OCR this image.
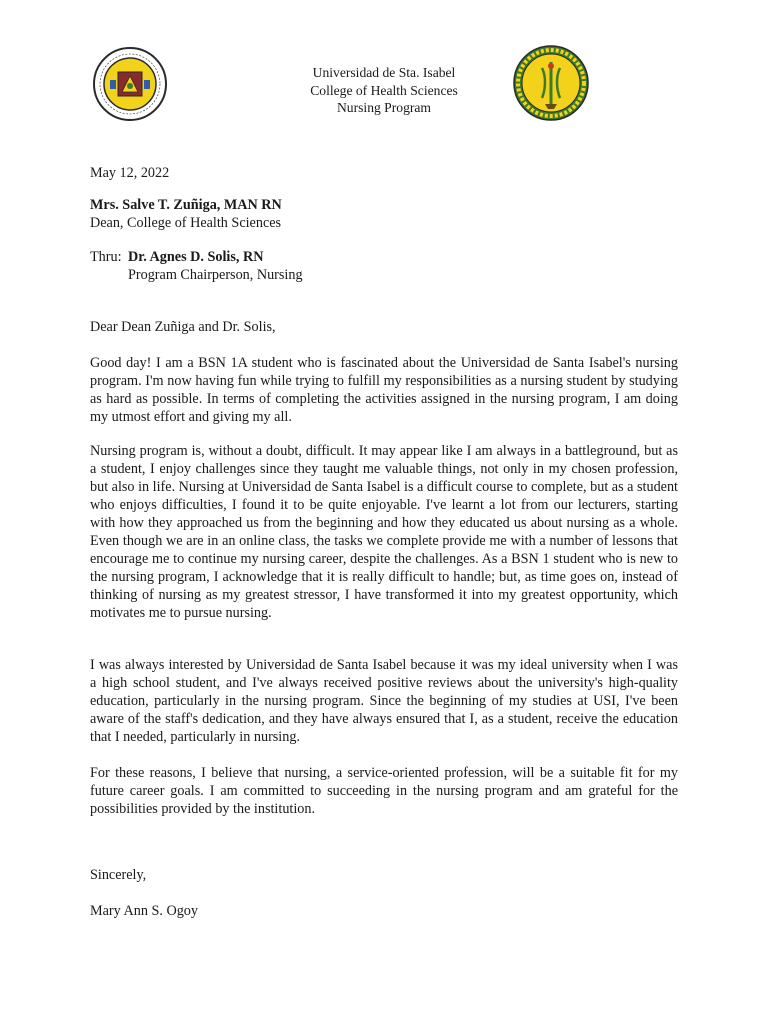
Universidad de Sta. Isabel
College of Health Sciences
Nursing Program
May 12, 2022
Mrs. Salve T. Zuñiga, MAN RN
Dean, College of Health Sciences
Thru: Dr. Agnes D. Solis, RN
Program Chairperson, Nursing
Dear Dean Zuñiga and Dr. Solis,
Good day! I am a BSN 1A student who is fascinated about the Universidad de Santa Isabel's nursing program. I'm now having fun while trying to fulfill my responsibilities as a nursing student by studying as hard as possible. In terms of completing the activities assigned in the nursing program, I am doing my utmost effort and giving my all.
Nursing program is, without a doubt, difficult. It may appear like I am always in a battleground, but as a student, I enjoy challenges since they taught me valuable things, not only in my chosen profession, but also in life. Nursing at Universidad de Santa Isabel is a difficult course to complete, but as a student who enjoys difficulties, I found it to be quite enjoyable. I've learnt a lot from our lecturers, starting with how they approached us from the beginning and how they educated us about nursing as a whole. Even though we are in an online class, the tasks we complete provide me with a number of lessons that encourage me to continue my nursing career, despite the challenges. As a BSN 1 student who is new to the nursing program, I acknowledge that it is really difficult to handle; but, as time goes on, instead of thinking of nursing as my greatest stressor, I have transformed it into my greatest opportunity, which motivates me to pursue nursing.
I was always interested by Universidad de Santa Isabel because it was my ideal university when I was a high school student, and I've always received positive reviews about the university's high-quality education, particularly in the nursing program. Since the beginning of my studies at USI, I've been aware of the staff's dedication, and they have always ensured that I, as a student, receive the education that I needed, particularly in nursing.
For these reasons, I believe that nursing, a service-oriented profession, will be a suitable fit for my future career goals. I am committed to succeeding in the nursing program and am grateful for the possibilities provided by the institution.
Sincerely,
Mary Ann S. Ogoy
